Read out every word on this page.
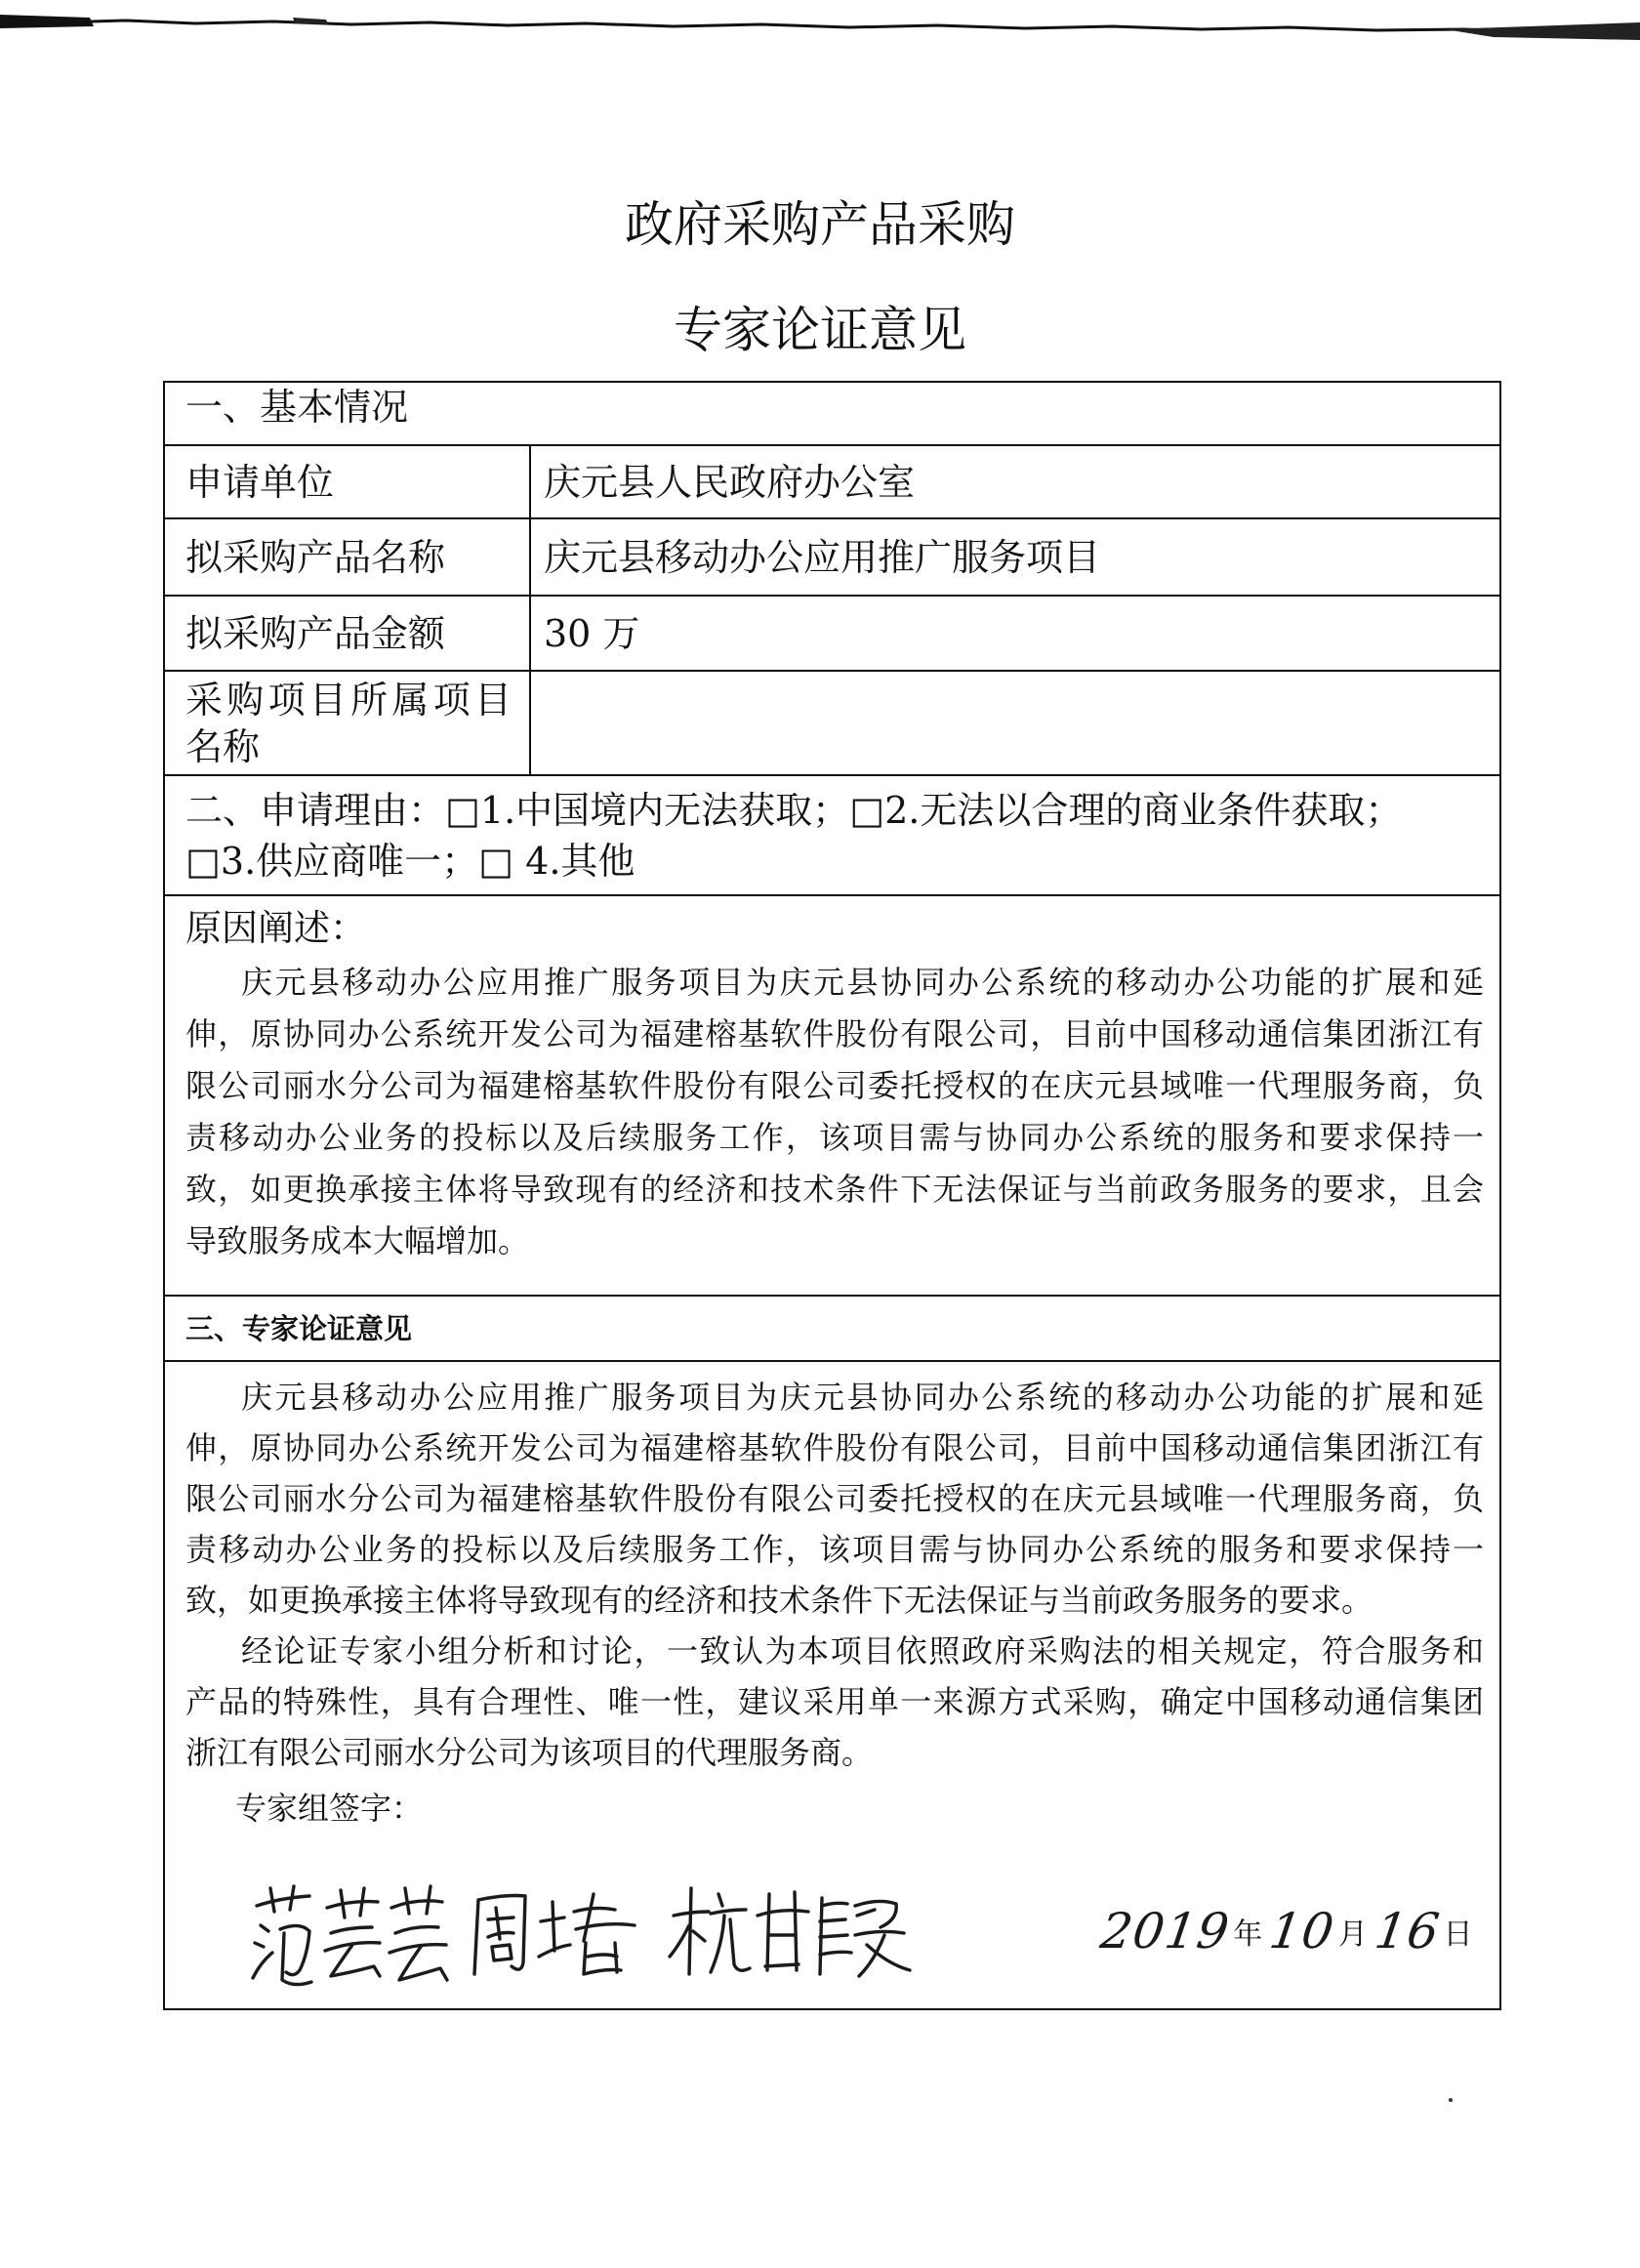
政府采购产品采购
专家论证意见
一、基本情况
申请单位	庆元县人民政府办公室
拟采购产品名称	庆元县移动办公应用推广服务项目
拟采购产品金额	30 万
采购项目所属项目名称
二、申请理由：□1.中国境内无法获取；□2.无法以合理的商业条件获取；
□3.供应商唯一；□ 4.其他
原因阐述：
庆元县移动办公应用推广服务项目为庆元县协同办公系统的移动办公功能的扩展和延
伸，原协同办公系统开发公司为福建榕基软件股份有限公司，目前中国移动通信集团浙江有
限公司丽水分公司为福建榕基软件股份有限公司委托授权的在庆元县域唯一代理服务商，负
责移动办公业务的投标以及后续服务工作，该项目需与协同办公系统的服务和要求保持一
致，如更换承接主体将导致现有的经济和技术条件下无法保证与当前政务服务的要求，且会
导致服务成本大幅增加。
三、专家论证意见
庆元县移动办公应用推广服务项目为庆元县协同办公系统的移动办公功能的扩展和延
伸，原协同办公系统开发公司为福建榕基软件股份有限公司，目前中国移动通信集团浙江有
限公司丽水分公司为福建榕基软件股份有限公司委托授权的在庆元县域唯一代理服务商，负
责移动办公业务的投标以及后续服务工作，该项目需与协同办公系统的服务和要求保持一
致，如更换承接主体将导致现有的经济和技术条件下无法保证与当前政务服务的要求。
经论证专家小组分析和讨论，一致认为本项目依照政府采购法的相关规定，符合服务和
产品的特殊性，具有合理性、唯一性，建议采用单一来源方式采购，确定中国移动通信集团
浙江有限公司丽水分公司为该项目的代理服务商。
专家组签字：
2019 年 10 月 16 日
